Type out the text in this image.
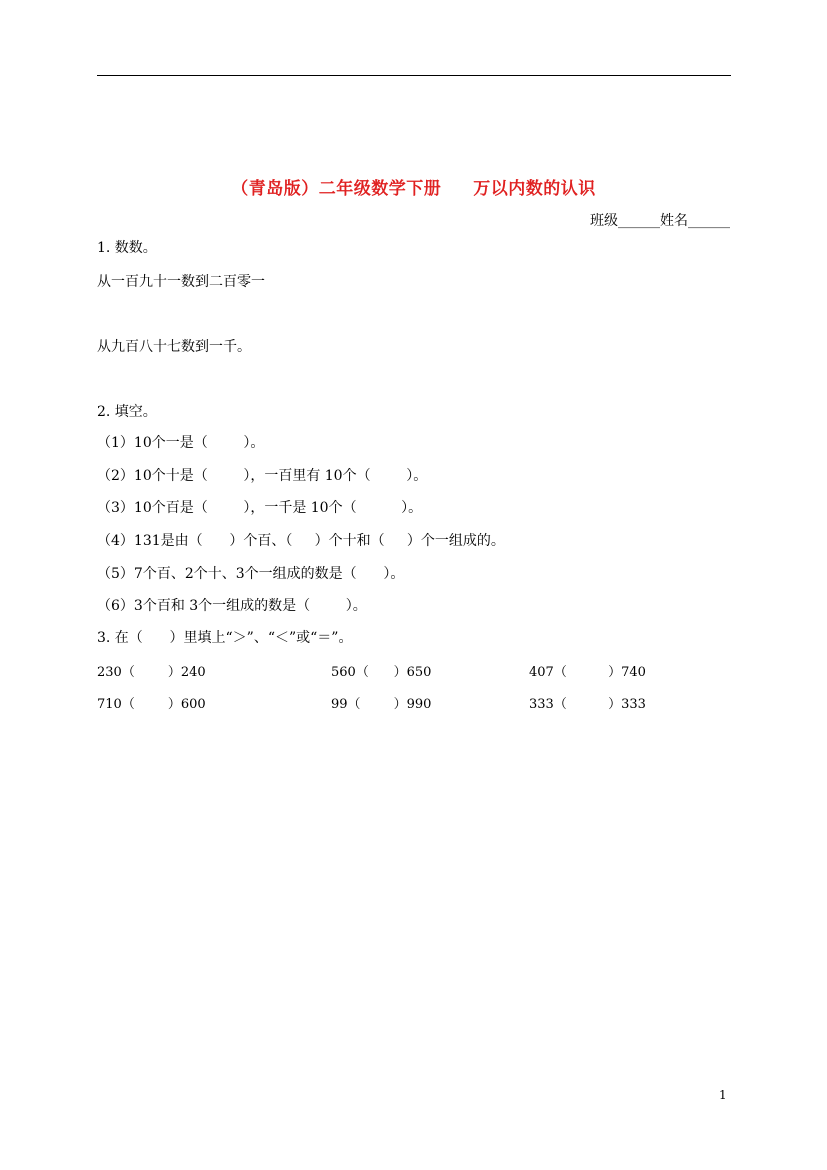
（青岛版）二年级数学下册     万以内数的认识
班级______姓名______
1. 数数。
从一百九十一数到二百零一
从九百八十七数到一千。
2. 填空。
（1）10个一是（        ）。
（2）10个十是（        ），一百里有 10个（        ）。
（3）10个百是（        ），一千是 10个（          ）。
（4）131是由（      ）个百、（     ）个十和（     ）个一组成的。
（5）7个百、2个十、3个一组成的数是（      ）。
（6）3个百和 3个一组成的数是（        ）。
3. 在（      ）里填上“＞”、“＜”或“＝”。
230（        ）240	560（      ）650	407（          ）740
710（        ）600	99（        ）990	333（          ）333
1
